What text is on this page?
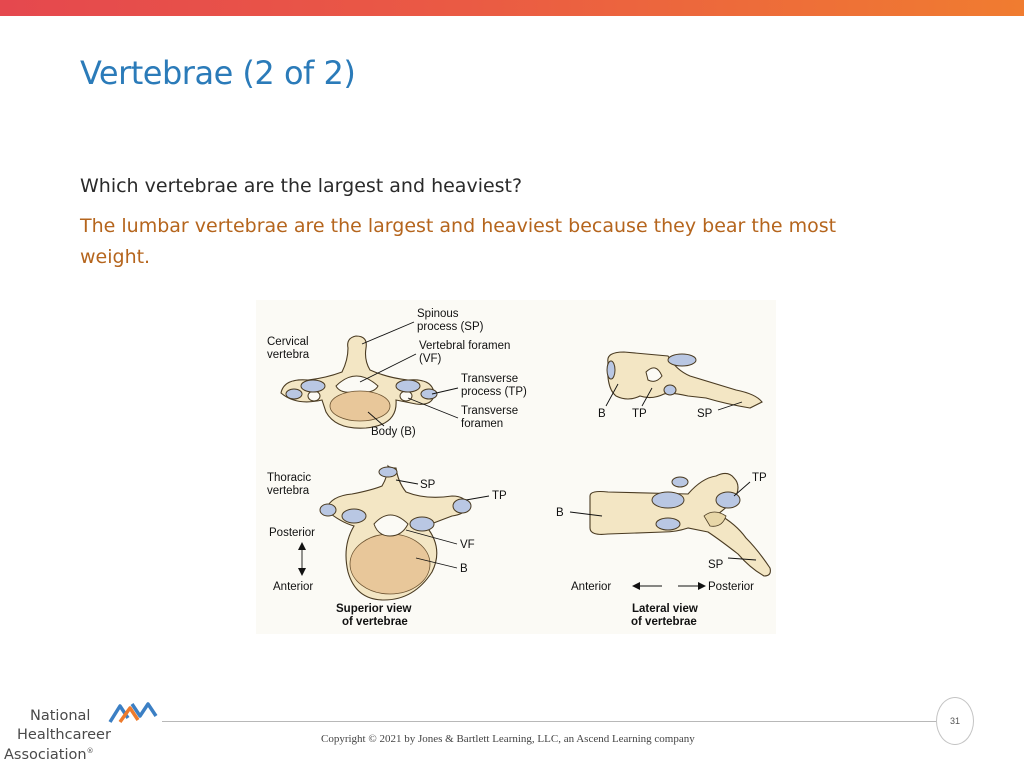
Vertebrae (2 of 2)
Which vertebrae are the largest and heaviest?
The lumbar vertebrae are the largest and heaviest because they bear the most weight.
Cervical
vertebra
Spinous
process (SP)
Vertebral foramen
(VF)
Transverse
process (TP)
Transverse
foramen
Body (B)
B TP	SP
Thoracic
vertebra	SP
TP
VF
B
Posterior
Anterior
TP
B
SP
Anterior	Posterior
Superior view
of vertebrae
Lateral view
of vertebrae
National
Healthcareer
Association®
31
Copyright © 2021 by Jones & Bartlett Learning, LLC, an Ascend Learning company
